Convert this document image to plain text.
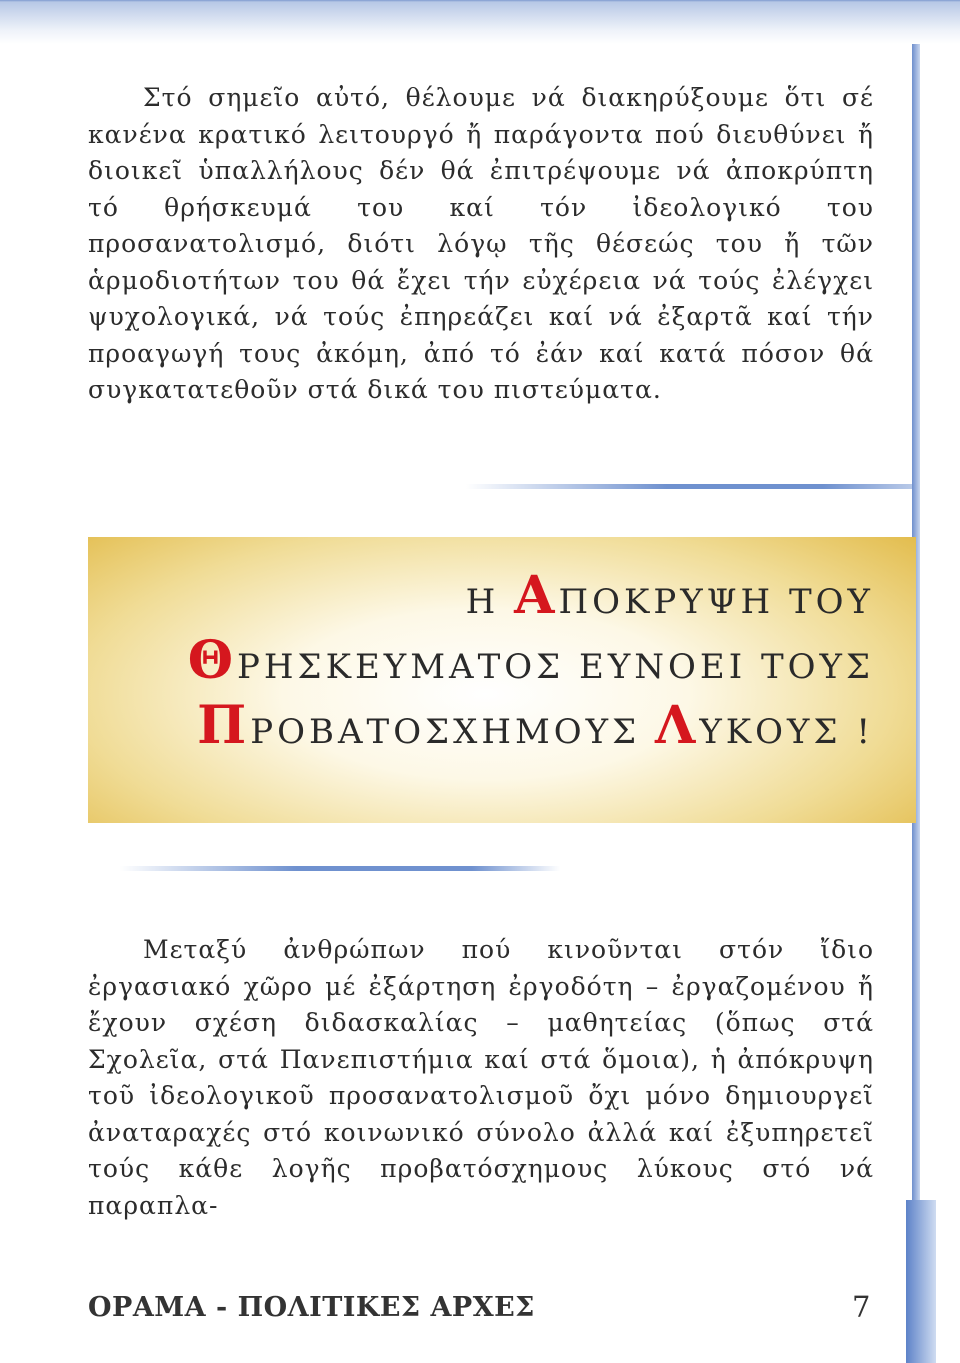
Στό σημεῖο αὐτό, θέλουμε νά διακηρύξουμε ὅτι σέ κανένα κρατικό λειτουργό ἤ παράγοντα πού διευθύνει ἤ διοικεῖ ὑπαλλήλους δέν θά ἐπιτρέψουμε νά ἀποκρύπτη τό θρήσκευμά του καί τόν ἰδεολογικό του προσανατολισμό, διότι λόγῳ τῆς θέσεώς του ἤ τῶν ἁρμοδιοτήτων του θά ἔχει τήν εὐχέρεια νά τούς ἐλέγχει ψυχολογικά, νά τούς ἐπηρεάζει καί νά ἐξαρτᾶ καί τήν προαγωγή τους ἀκόμη, ἀπό τό ἐάν καί κατά πόσον θά συγκατατεθοῦν στά δικά του πιστεύματα.

Η ΑΠΟΚΡΥΨΗ ΤΟΥ

ΘΡΗΣΚΕΥΜΑΤΟΣ ΕΥΝΟΕΙ ΤΟΥΣ

ΠΡΟΒΑΤΟΣΧΗΜΟΥΣ ΛΥΚΟΥΣ !

Μεταξύ ἀνθρώπων πού κινοῦνται στόν ἴδιο ἐργασιακό χῶρο μέ ἐξάρτηση ἐργοδότη – ἐργαζομένου ἤ ἔχουν σχέση διδασκαλίας – μαθητείας (ὅπως στά Σχολεῖα, στά Πανεπιστήμια καί στά ὅμοια), ἡ ἀπόκρυψη τοῦ ἰδεολογικοῦ προσανατολισμοῦ ὄχι μόνο δημιουργεῖ ἀναταραχές στό κοινωνικό σύνολο ἀλλά καί ἐξυπηρετεῖ τούς κάθε λογῆς προβατόσχημους λύκους στό νά παραπλα-

ΟΡΑΜΑ - ΠΟΛΙΤΙΚΕΣ ΑΡΧΕΣ	7
